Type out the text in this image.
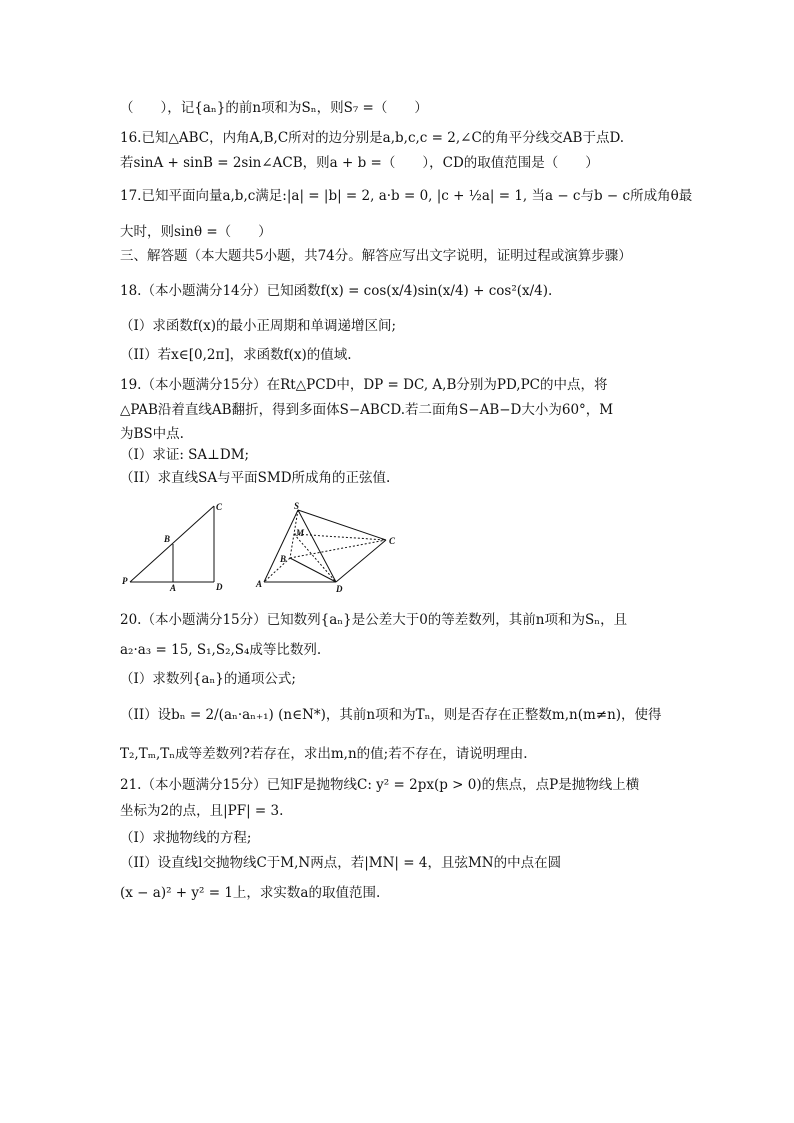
（　　），记{aₙ}的前n项和为Sₙ，则S₇ =（　　）
16.已知△ABC，内角A,B,C所对的边分别是a,b,c,c = 2,∠C的角平分线交AB于点D.
若sinA + sinB = 2sin∠ACB，则a + b =（　　），CD的取值范围是（　　）
17.已知平面向量a,b,c满足:|a| = |b| = 2, a·b = 0, |c + ½a| = 1, 当a − c与b − c所成角θ最
大时，则sinθ =（　　）
三、解答题（本大题共5小题，共74分。解答应写出文字说明，证明过程或演算步骤）
18.（本小题满分14分）已知函数f(x) = cos(x/4)sin(x/4) + cos²(x/4).
（I）求函数f(x)的最小正周期和单调递增区间;
（II）若x∈[0,2π]，求函数f(x)的值域.
19.（本小题满分15分）在Rt△PCD中，DP = DC, A,B分别为PD,PC的中点，将
△PAB沿着直线AB翻折，得到多面体S−ABCD.若二面角S−AB−D大小为60°，M
为BS中点.
（I）求证: SA⊥DM;
（II）求直线SA与平面SMD所成角的正弦值.
C
B
P
A	D
S
M
C
B
A	D
20.（本小题满分15分）已知数列{aₙ}是公差大于0的等差数列，其前n项和为Sₙ，且
a₂·a₃ = 15, S₁,S₂,S₄成等比数列.
（I）求数列{aₙ}的通项公式;
（II）设bₙ = 2/(aₙ·aₙ₊₁) (n∈N*)，其前n项和为Tₙ，则是否存在正整数m,n(m≠n)，使得
T₂,Tₘ,Tₙ成等差数列?若存在，求出m,n的值;若不存在，请说明理由.
21.（本小题满分15分）已知F是抛物线C: y² = 2px(p > 0)的焦点，点P是抛物线上横
坐标为2的点，且|PF| = 3.
（I）求抛物线的方程;
（II）设直线l交抛物线C于M,N两点，若|MN| = 4，且弦MN的中点在圆
(x − a)² + y² = 1上，求实数a的取值范围.
